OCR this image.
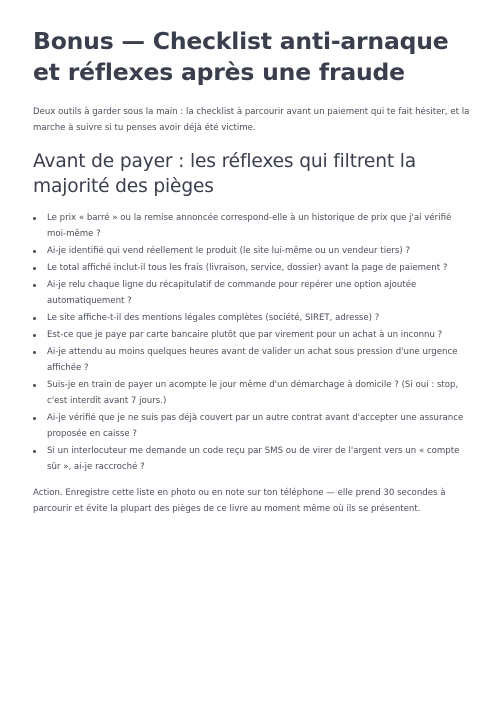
Bonus — Checklist anti-arnaque et réflexes après une fraude

Deux outils à garder sous la main : la checklist à parcourir avant un paiement qui te fait hésiter, et la marche à suivre si tu penses avoir déjà été victime.

Avant de payer : les réflexes qui filtrent la majorité des pièges
Le prix « barré » ou la remise annoncée correspond-elle à un historique de prix que j'ai vérifié moi-même ?
Ai-je identifié qui vend réellement le produit (le site lui-même ou un vendeur tiers) ?
Le total affiché inclut-il tous les frais (livraison, service, dossier) avant la page de paiement ?
Ai-je relu chaque ligne du récapitulatif de commande pour repérer une option ajoutée automatiquement ?
Le site affiche-t-il des mentions légales complètes (société, SIRET, adresse) ?
Est-ce que je paye par carte bancaire plutôt que par virement pour un achat à un inconnu ?
Ai-je attendu au moins quelques heures avant de valider un achat sous pression d'une urgence affichée ?
Suis-je en train de payer un acompte le jour même d'un démarchage à domicile ? (Si oui : stop, c'est interdit avant 7 jours.)
Ai-je vérifié que je ne suis pas déjà couvert par un autre contrat avant d'accepter une assurance proposée en caisse ?
Si un interlocuteur me demande un code reçu par SMS ou de virer de l'argent vers un « compte sûr », ai-je raccroché ?

Action. Enregistre cette liste en photo ou en note sur ton téléphone — elle prend 30 secondes à parcourir et évite la plupart des pièges de ce livre au moment même où ils se présentent.
